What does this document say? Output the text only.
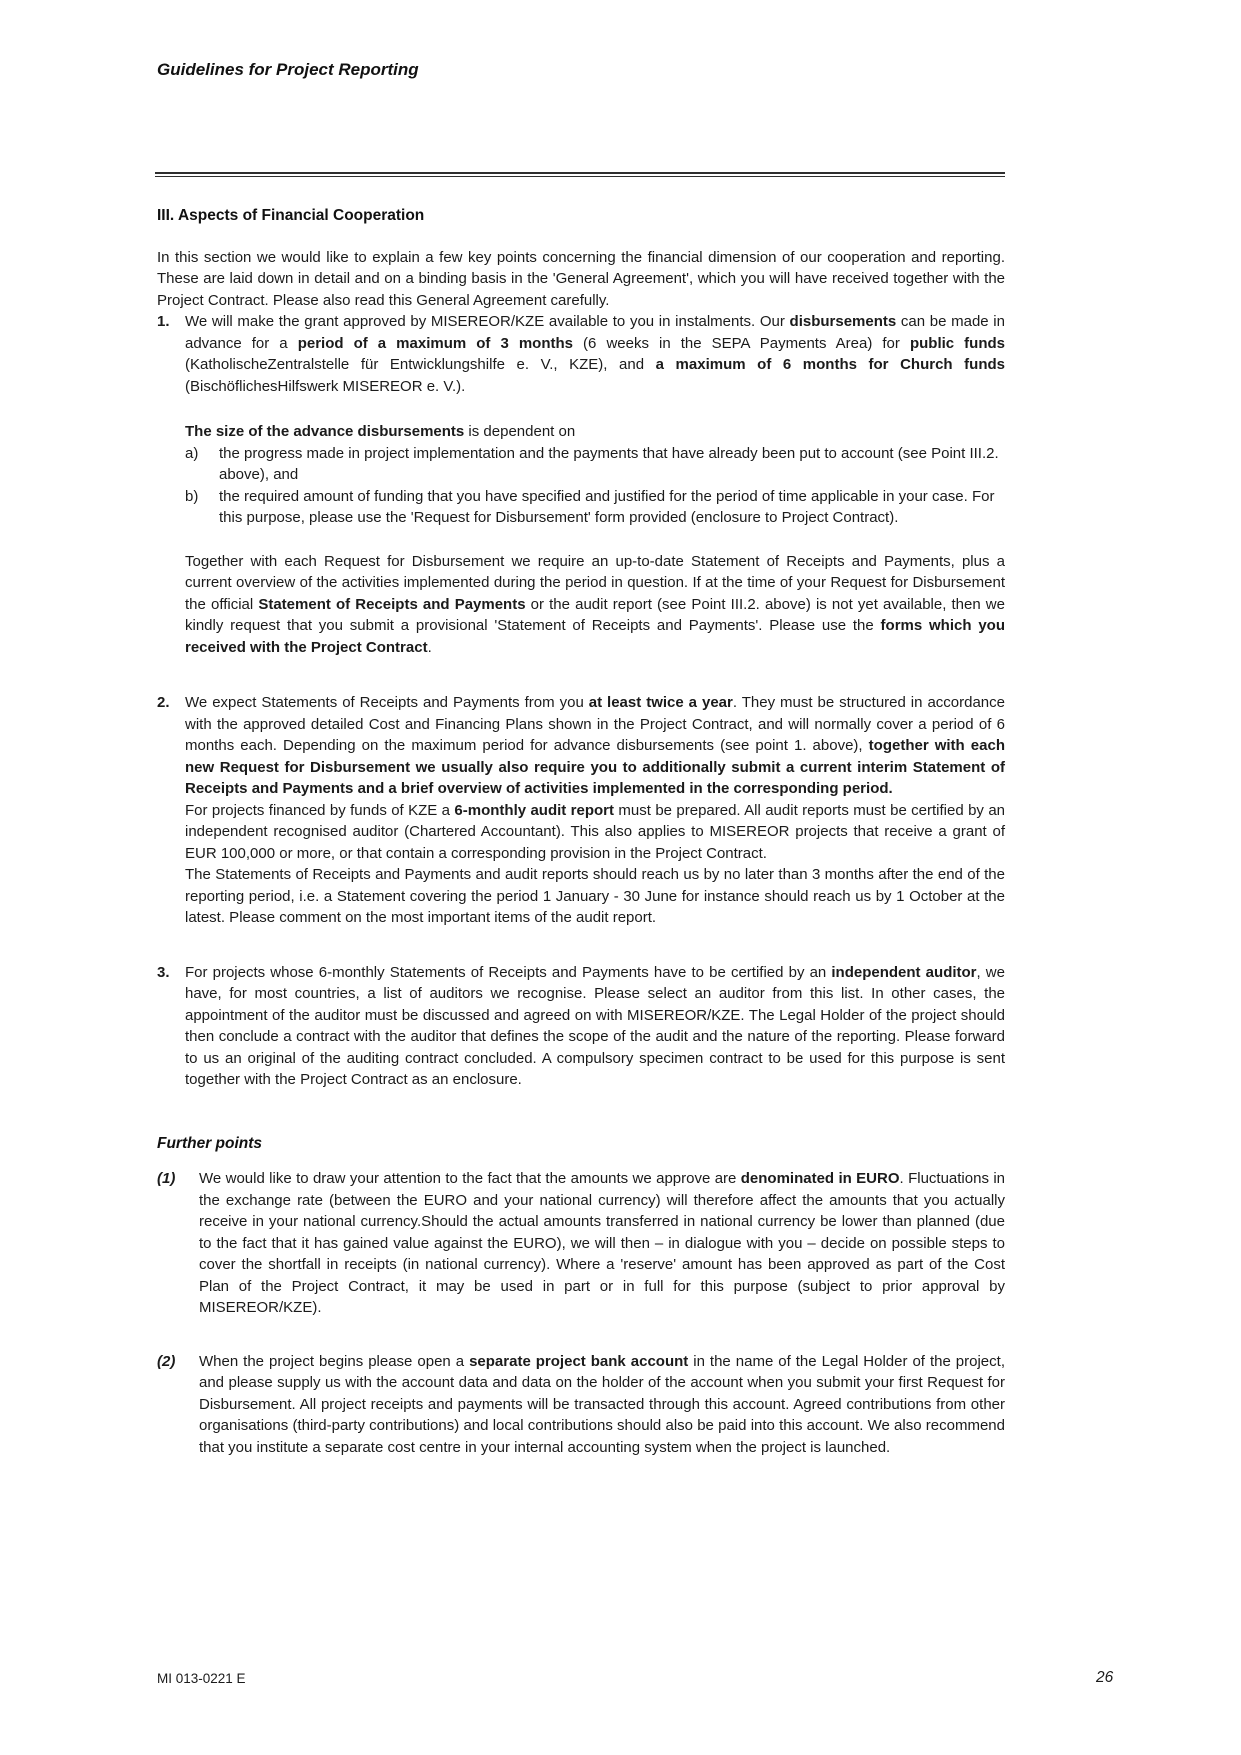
Guidelines for Project Reporting
III. Aspects of Financial Cooperation

In this section we would like to explain a few key points concerning the financial dimension of our cooperation and reporting. These are laid down in detail and on a binding basis in the 'General Agreement', which you will have received together with the Project Contract. Please also read this General Agreement carefully.

1.	We will make the grant approved by MISEREOR/KZE available to you in instalments. Our disbursements can be made in advance for a period of a maximum of 3 months (6 weeks in the SEPA Payments Area) for public funds (KatholischeZentralstelle für Entwicklungshilfe e. V., KZE), and a maximum of 6 months for Church funds (BischöflichesHilfswerk MISEREOR e. V.).

The size of the advance disbursements is dependent on

a)	the progress made in project implementation and the payments that have already been put to account (see Point III.2. above), and

b)	the required amount of funding that you have specified and justified for the period of time applicable in your case. For this purpose, please use the 'Request for Disbursement' form provided (enclosure to Project Contract).

Together with each Request for Disbursement we require an up-to-date Statement of Receipts and Payments, plus a current overview of the activities implemented during the period in question. If at the time of your Request for Disbursement the official Statement of Receipts and Payments or the audit report (see Point III.2. above) is not yet available, then we kindly request that you submit a provisional 'Statement of Receipts and Payments'. Please use the forms which you received with the Project Contract.

2.	We expect Statements of Receipts and Payments from you at least twice a year. They must be structured in accordance with the approved detailed Cost and Financing Plans shown in the Project Contract, and will normally cover a period of 6 months each. Depending on the maximum period for advance disbursements (see point 1. above), together with each new Request for Disbursement we usually also require you to additionally submit a current interim Statement of Receipts and Payments and a brief overview of activities implemented in the corresponding period.

For projects financed by funds of KZE a 6-monthly audit report must be prepared. All audit reports must be certified by an independent recognised auditor (Chartered Accountant). This also applies to MISEREOR projects that receive a grant of EUR 100,000 or more, or that contain a corresponding provision in the Project Contract.

The Statements of Receipts and Payments and audit reports should reach us by no later than 3 months after the end of the reporting period, i.e. a Statement covering the period 1 January - 30 June for instance should reach us by 1 October at the latest. Please comment on the most important items of the audit report.

3.	For projects whose 6-monthly Statements of Receipts and Payments have to be certified by an independent auditor, we have, for most countries, a list of auditors we recognise. Please select an auditor from this list. In other cases, the appointment of the auditor must be discussed and agreed on with MISEREOR/KZE. The Legal Holder of the project should then conclude a contract with the auditor that defines the scope of the audit and the nature of the reporting. Please forward to us an original of the auditing contract concluded. A compulsory specimen contract to be used for this purpose is sent together with the Project Contract as an enclosure.

Further points
(1)	We would like to draw your attention to the fact that the amounts we approve are denominated in EURO. Fluctuations in the exchange rate (between the EURO and your national currency) will therefore affect the amounts that you actually receive in your national currency.Should the actual amounts transferred in national currency be lower than planned (due to the fact that it has gained value against the EURO), we will then – in dialogue with you – decide on possible steps to cover the shortfall in receipts (in national currency). Where a 'reserve' amount has been approved as part of the Cost Plan of the Project Contract, it may be used in part or in full for this purpose (subject to prior approval by MISEREOR/KZE).

(2)	When the project begins please open a separate project bank account in the name of the Legal Holder of the project, and please supply us with the account data and data on the holder of the account when you submit your first Request for Disbursement. All project receipts and payments will be transacted through this account. Agreed contributions from other organisations (third-party contributions) and local contributions should also be paid into this account. We also recommend that you institute a separate cost centre in your internal accounting system when the project is launched.

MI 013-0221 E	26
